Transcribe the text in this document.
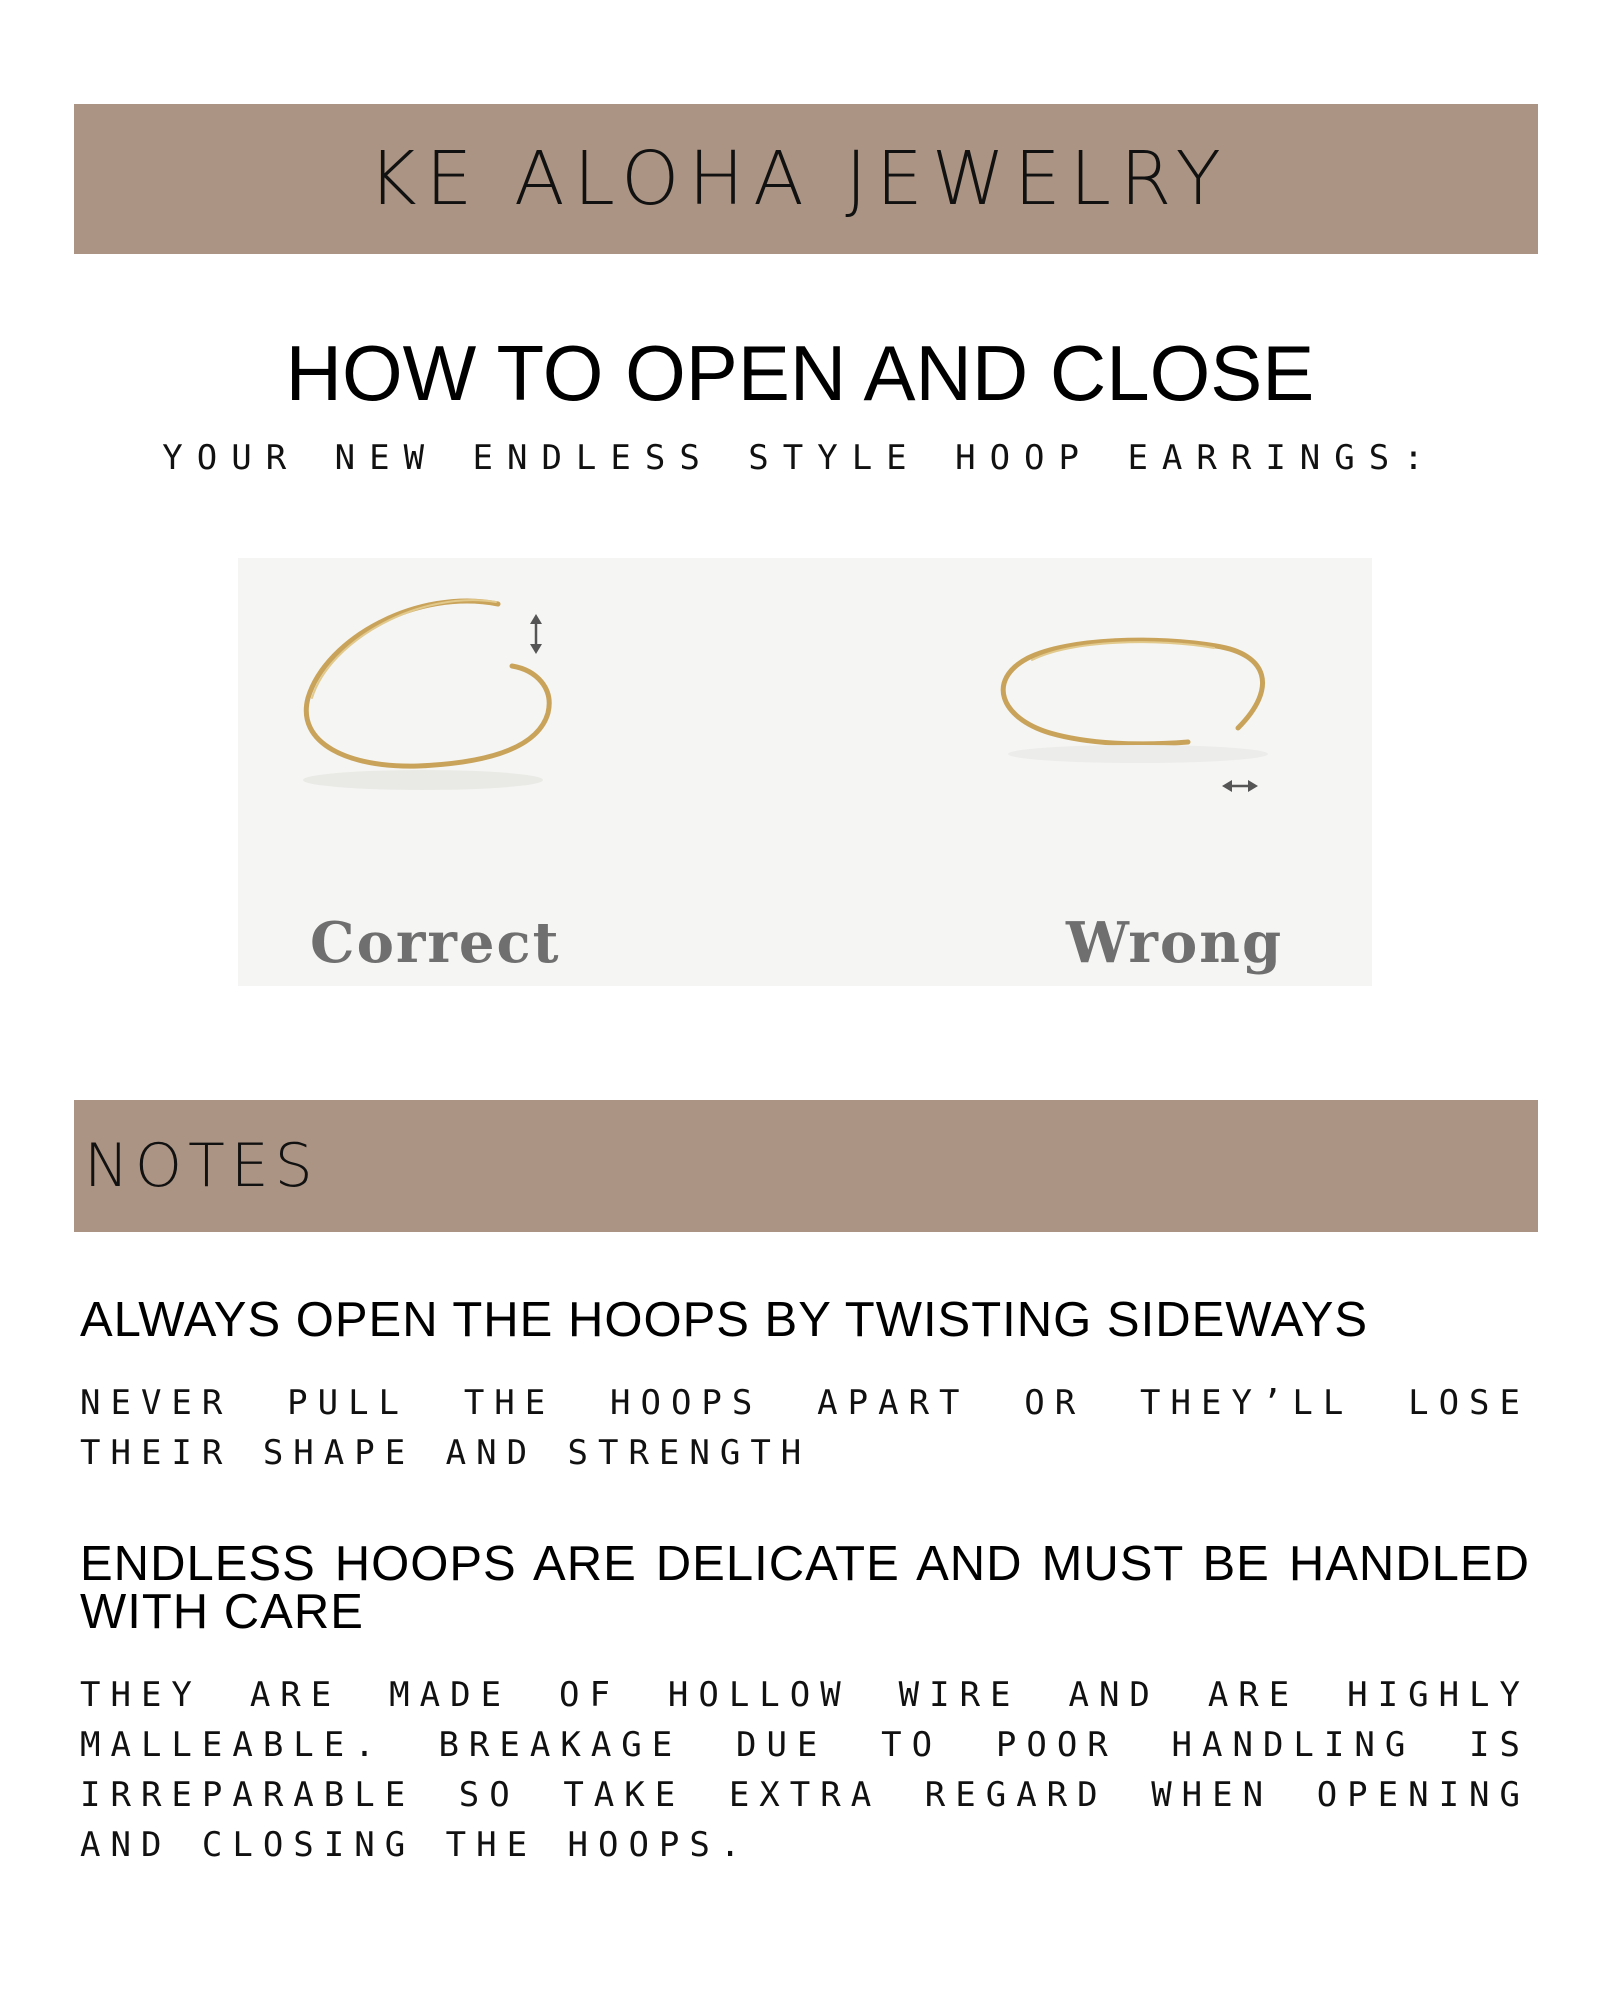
KE ALOHA JEWELRY
HOW TO OPEN AND CLOSE
YOUR NEW ENDLESS STYLE HOOP EARRINGS:
Correct	Wrong
NOTES
ALWAYS OPEN THE HOOPS BY TWISTING SIDEWAYS
NEVER PULL THE HOOPS APART OR THEY’LL LOSE THEIR SHAPE AND STRENGTH
ENDLESS HOOPS ARE DELICATE AND MUST BE HANDLED WITH CARE
THEY ARE MADE OF HOLLOW WIRE AND ARE HIGHLY MALLEABLE. BREAKAGE DUE TO POOR HANDLING IS IRREPARABLE SO TAKE EXTRA REGARD WHEN OPENING AND CLOSING THE HOOPS.
